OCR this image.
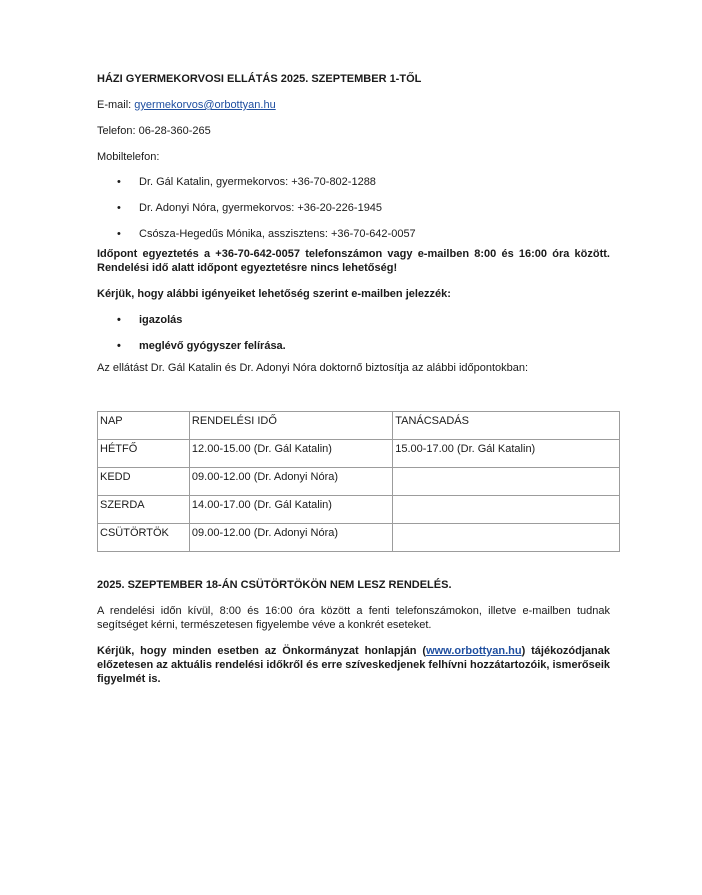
HÁZI GYERMEKORVOSI ELLÁTÁS 2025. SZEPTEMBER 1-TŐL

E-mail: gyermekorvos@orbottyan.hu

Telefon: 06-28-360-265

Mobiltelefon:

• Dr. Gál Katalin, gyermekorvos: +36-70-802-1288
• Dr. Adonyi Nóra, gyermekorvos: +36-20-226-1945
• Csósza-Hegedűs Mónika, asszisztens: +36-70-642-0057

Időpont egyeztetés a +36-70-642-0057 telefonszámon vagy e-mailben 8:00 és 16:00 óra között.

Rendelési idő alatt időpont egyeztetésre nincs lehetőség!

Kérjük, hogy alábbi igényeiket lehetőség szerint e-mailben jelezzék:

• igazolás
• meglévő gyógyszer felírása.

Az ellátást Dr. Gál Katalin és Dr. Adonyi Nóra doktornő biztosítja az alábbi időpontokban:

NAP	RENDELÉSI IDŐ	TANÁCSADÁS
HÉTFŐ	12.00-15.00 (Dr. Gál Katalin)	15.00-17.00 (Dr. Gál Katalin)
KEDD	09.00-12.00 (Dr. Adonyi Nóra)	
SZERDA	14.00-17.00 (Dr. Gál Katalin)	
CSÜTÖRTÖK	09.00-12.00 (Dr. Adonyi Nóra)	

2025. SZEPTEMBER 18-ÁN CSÜTÖRTÖKÖN NEM LESZ RENDELÉS.

A rendelési időn kívül, 8:00 és 16:00 óra között a fenti telefonszámokon, illetve e-mailben tudnak segítséget kérni, természetesen figyelembe véve a konkrét eseteket.

Kérjük, hogy minden esetben az Önkormányzat honlapján (www.orbottyan.hu) tájékozódjanak előzetesen az aktuális rendelési időkről és erre szíveskedjenek felhívni hozzátartozóik, ismerőseik figyelmét is.
